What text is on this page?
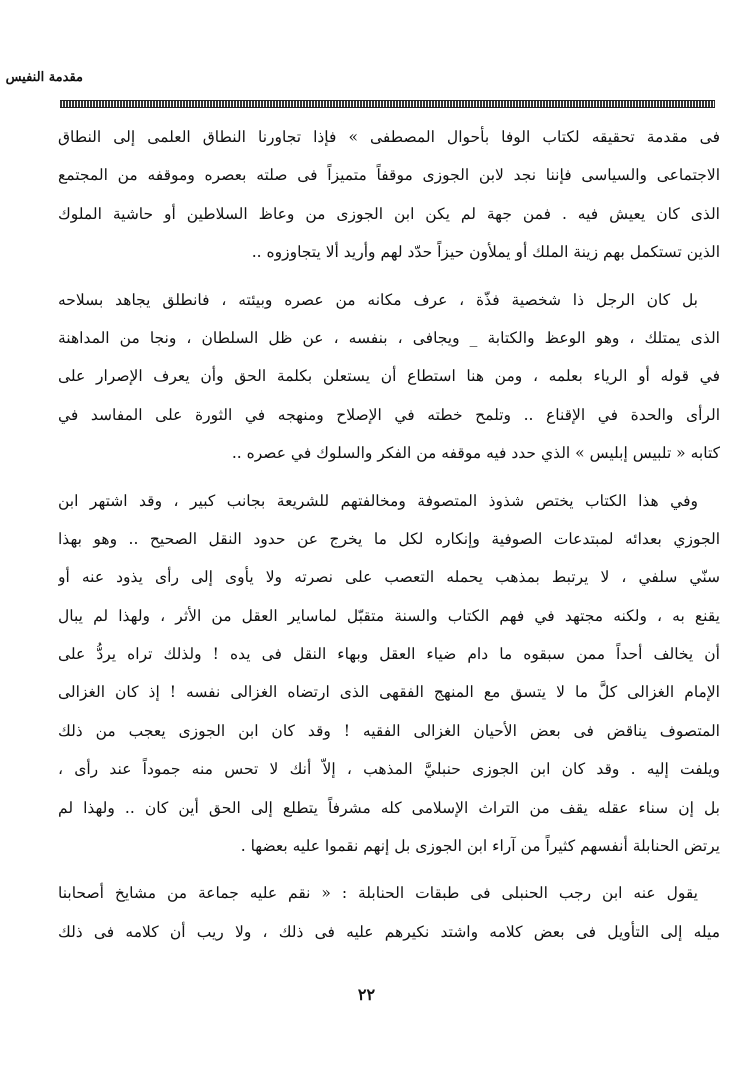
مقدمة النفيس
فى مقدمة تحقيقه لكتاب الوفا بأحوال المصطفى » فإذا تجاورنا النطاق العلمى إلى النطاق
الاجتماعى والسياسى فإننا نجد لابن الجوزى موقفاً متميزاً فى صلته بعصره وموقفه من المجتمع
الذى كان يعيش فيه . فمن جهة لم يكن ابن الجوزى من وعاظ السلاطين أو حاشية الملوك
الذين تستكمل بهم زينة الملك أو يملأون حيزاً حدّد لهم وأريد ألا يتجاوزوه ..
بل كان الرجل ذا شخصية فذّة ، عرف مكانه من عصره وبيئته ، فانطلق يجاهد بسلاحه
الذى يمتلك ، وهو الوعظ والكتابة _ ويجافى ، بنفسه ، عن ظل السلطان ، ونجا من المداهنة
في قوله أو الرياء بعلمه ، ومن هنا استطاع أن يستعلن بكلمة الحق وأن يعرف الإصرار على
الرأى والحدة في الإقناع .. وتلمح خطته في الإصلاح ومنهجه في الثورة على المفاسد في
كتابه « تلبيس إبليس » الذي حدد فيه موقفه من الفكر والسلوك في عصره ..
وفي هذا الكتاب يختص شذوذ المتصوفة ومخالفتهم للشريعة بجانب كبير ، وقد اشتهر ابن
الجوزي بعدائه لمبتدعات الصوفية وإنكاره لكل ما يخرج عن حدود النقل الصحيح .. وهو بهذا
سنّي سلفي ، لا يرتبط بمذهب يحمله التعصب على نصرته ولا يأوى إلى رأى يذود عنه أو
يقنع به ، ولكنه مجتهد في فهم الكتاب والسنة متقبّل لماساير العقل من الأثر ، ولهذا لم يبال
أن يخالف أحداً ممن سبقوه ما دام ضياء العقل وبهاء النقل فى يده ! ولذلك تراه يردُّ على
الإمام الغزالى كلَّ ما لا يتسق مع المنهج الفقهى الذى ارتضاه الغزالى نفسه ! إذ كان الغزالى
المتصوف يناقض فى بعض الأحيان الغزالى الفقيه ! وقد كان ابن الجوزى يعجب من ذلك
ويلفت إليه . وقد كان ابن الجوزى حنبليَّ المذهب ، إلاّ أنك لا تحس منه جموداً عند رأى ،
بل إن سناء عقله يقف من التراث الإسلامى كله مشرفاً يتطلع إلى الحق أين كان .. ولهذا لم
يرتض الحنابلة أنفسهم كثيراً من آراء ابن الجوزى بل إنهم نقموا عليه بعضها .
يقول عنه ابن رجب الحنبلى فى طبقات الحنابلة : « نقم عليه جماعة من مشايخ أصحابنا
ميله إلى التأويل فى بعض كلامه واشتد نكيرهم عليه فى ذلك ، ولا ريب أن كلامه فى ذلك
٢٢
